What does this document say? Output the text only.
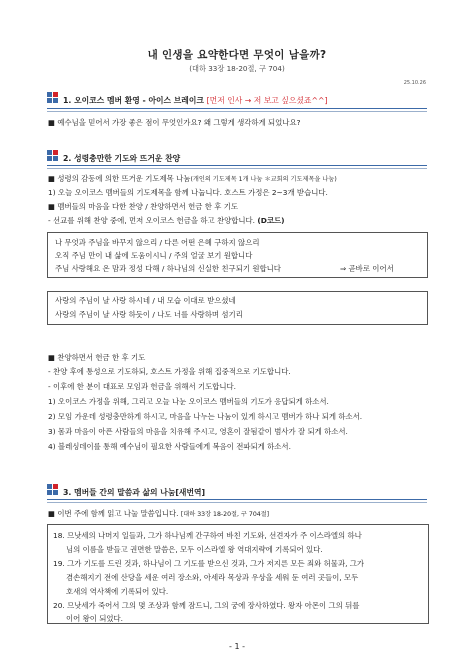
내 인생을 요약한다면 무엇이 남을까?
(대하 33장 18-20절, 구 704)
25.10.26
1. 오이코스 멤버 환영 - 아이스 브레이크 [먼저 인사 → 저 보고 싶으셨죠^^]
■ 예수님을 믿어서 가장 좋은 점이 무엇인가요? 왜 그렇게 생각하게 되었나요?
2. 성령충만한 기도와 뜨거운 찬양
■ 성령의 감동에 의한 뜨거운 기도제목 나눔(개인의 기도제목 1개 나눔 ＊교회의 기도제목을 나눔)
1) 오늘 오이코스 멤버들의 기도제목을 함께 나눕니다. 호스트 가정은 2~3개 받습니다.
■ 멤버들의 마음을 다한 찬양 / 찬양하면서 헌금 한 후 기도
- 선교를 위해 찬양 중에, 먼저 오이코스 헌금을 하고 찬양합니다. (D코드)
나 무엇과 주님을 바꾸지 않으리 / 다른 어떤 은혜 구하지 않으리
오직 주님 만이 내 삶에 도움이시니 / 주의 얼굴 보기 원합니다
주님 사랑해요 온 맘과 정성 다해 / 하나님의 신실한 친구되기 원합니다	⇒ 곧바로 이어서
사랑의 주님이 날 사랑 하시네 / 내 모습 이대로 받으셨네
사랑의 주님이 날 사랑 하듯이 / 나도 너를 사랑하며 섬기리
■ 찬양하면서 헌금 한 후 기도
- 찬양 후에 통성으로 기도하되, 호스트 가정을 위해 집중적으로 기도합니다.
- 이후에 한 분이 대표로 모임과 헌금을 위해서 기도합니다.
1) 오이코스 가정을 위해, 그리고 오늘 나눈 오이코스 멤버들의 기도가 응답되게 하소서.
2) 모임 가운데 성령충만하게 하시고, 마음을 나누는 나눔이 있게 하시고 멤버가 하나 되게 하소서.
3) 몸과 마음이 아픈 사람들의 마음을 치유해 주시고, 영혼이 잘됨같이 범사가 잘 되게 하소서.
4) 블레싱데이를 통해 예수님이 필요한 사람들에게 복음이 전파되게 하소서.
3. 멤버들 간의 말씀과 삶의 나눔[새번역]
■ 이번 주에 함께 읽고 나눌 말씀입니다. [대하 33장 18-20절, 구 704절]
18. 므낫세의 나머지 일들과, 그가 하나님께 간구하여 바친 기도와, 선견자가 주 이스라엘의 하나
님의 이름을 받들고 권면한 말씀은, 모두 이스라엘 왕 역대지략에 기록되어 있다.
19. 그가 기도를 드린 것과, 하나님이 그 기도를 받으신 것과, 그가 저지른 모든 죄와 허물과, 그가
겸손해지기 전에 산당을 세운 여러 장소와, 아세라 목상과 우상을 세워 둔 여러 곳들이, 모두
호새의 역사책에 기록되어 있다.
20. 므낫세가 죽어서 그의 몇 조상과 함께 잠드니, 그의 궁에 장사하였다. 왕자 아몬이 그의 뒤를
이어 왕이 되었다.
- 1 -
